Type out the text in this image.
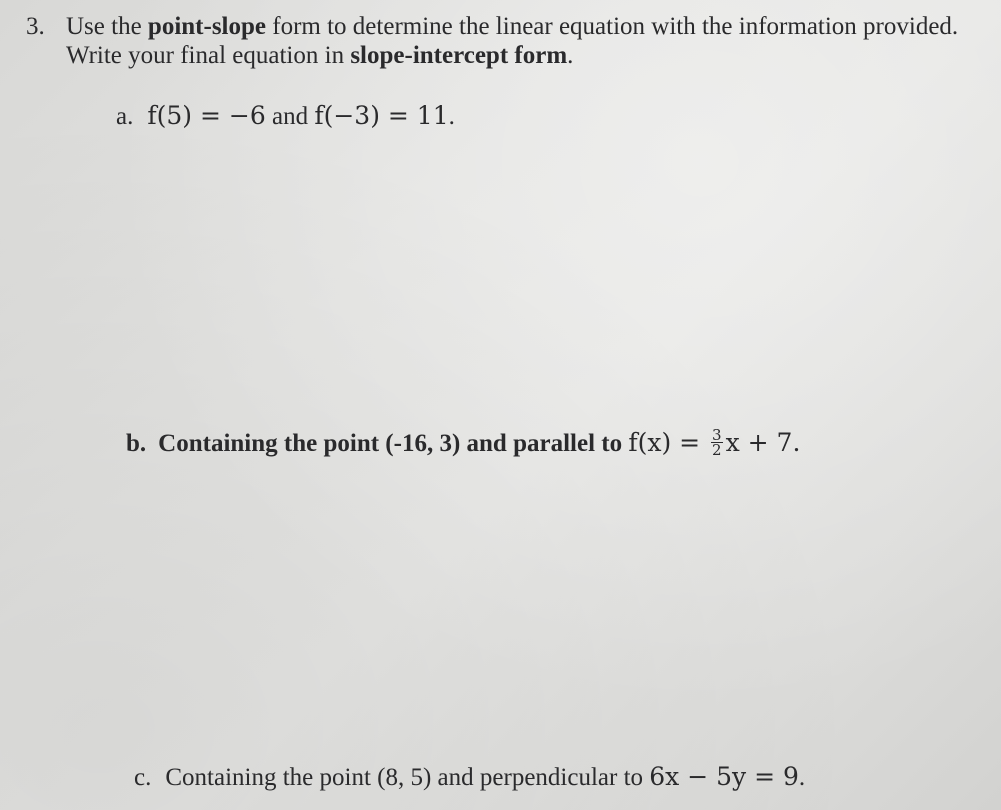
3. Use the point-slope form to determine the linear equation with the information provided.
Write your final equation in slope-intercept form.
a. f(5) = −6 and f(−3) = 11.
b. Containing the point (-16, 3) and parallel to $f(x) = \frac{3}{2}$ x + 7.
c. Containing the point (8, 5) and perpendicular to 6x − 5y = 9.
